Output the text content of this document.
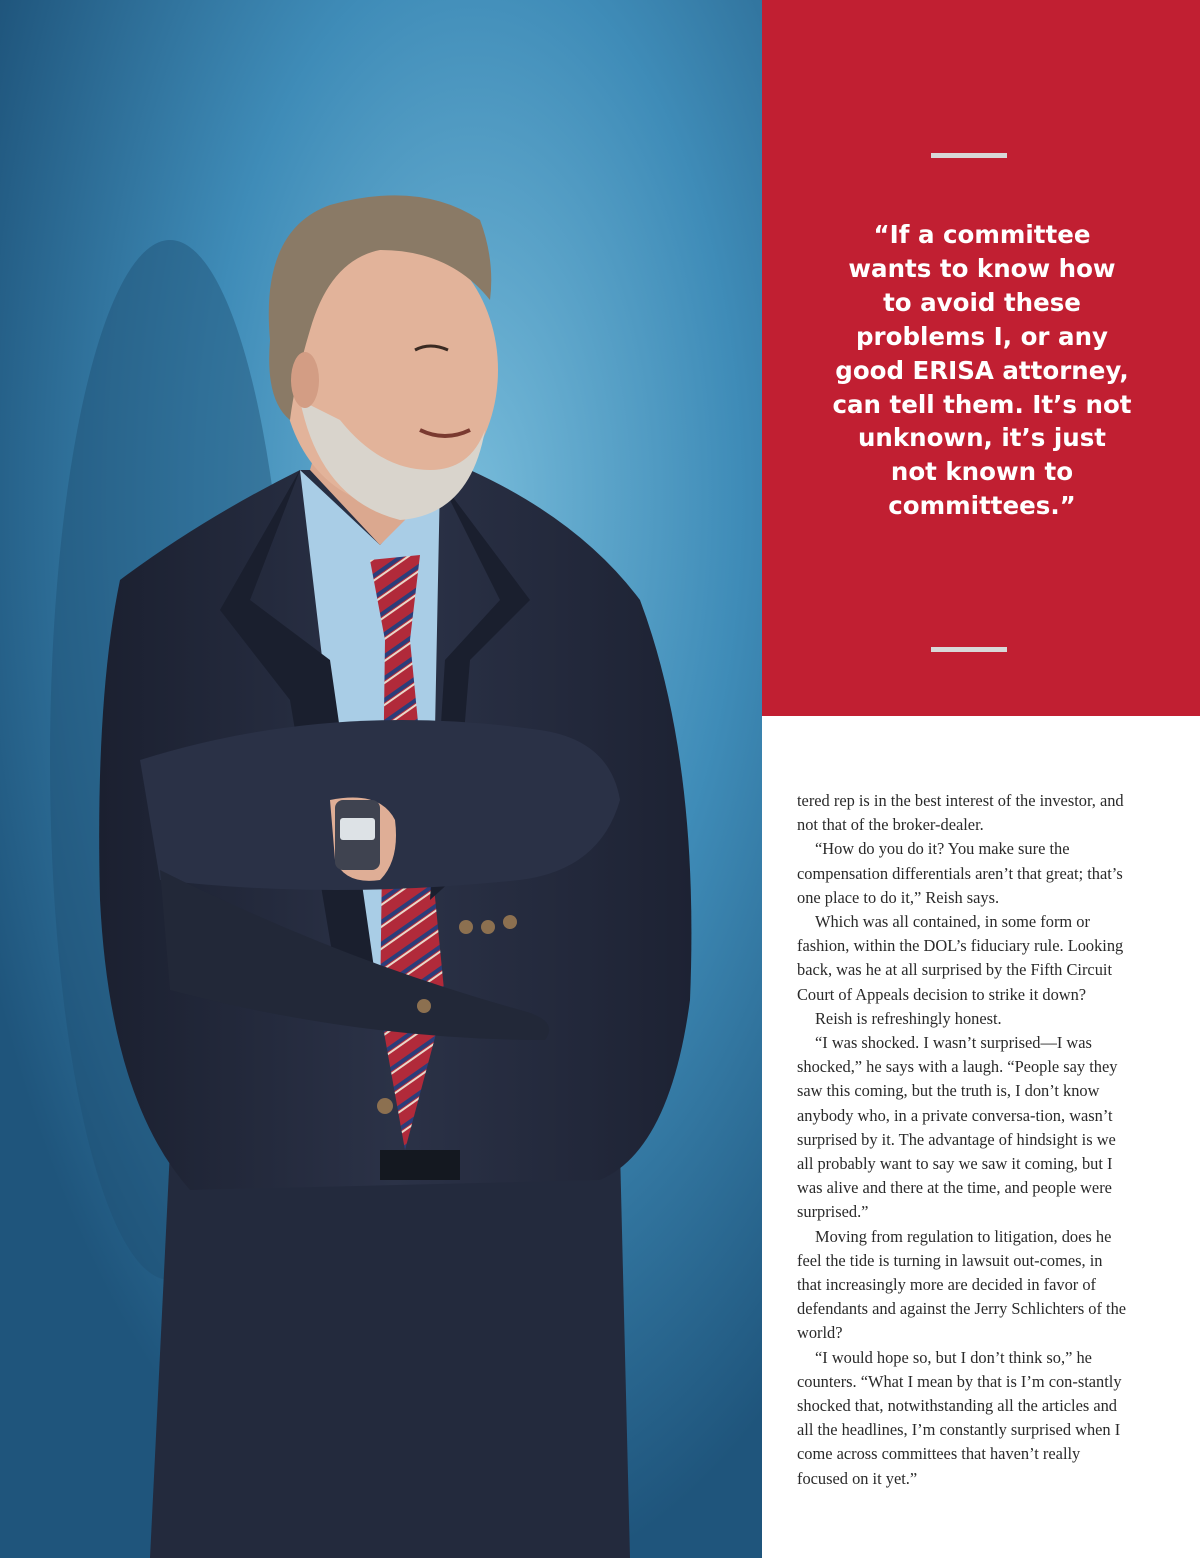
“If a committee wants to know how to avoid these problems I, or any good ERISA attorney, can tell them. It’s not unknown, it’s just not known to committees.”

tered rep is in the best interest of the investor, and not that of the broker-dealer.

“How do you do it? You make sure the compensation differentials aren’t that great; that’s one place to do it,” Reish says.

Which was all contained, in some form or fashion, within the DOL’s fiduciary rule. Looking back, was he at all surprised by the Fifth Circuit Court of Appeals decision to strike it down?

Reish is refreshingly honest.

“I was shocked. I wasn’t surprised—I was shocked,” he says with a laugh. “People say they saw this coming, but the truth is, I don’t know anybody who, in a private conversa-tion, wasn’t surprised by it. The advantage of hindsight is we all probably want to say we saw it coming, but I was alive and there at the time, and people were surprised.”

Moving from regulation to litigation, does he feel the tide is turning in lawsuit out-comes, in that increasingly more are decided in favor of defendants and against the Jerry Schlichters of the world?

“I would hope so, but I don’t think so,” he counters. “What I mean by that is I’m con-stantly shocked that, notwithstanding all the articles and all the headlines, I’m constantly surprised when I come across committees that haven’t really focused on it yet.”
